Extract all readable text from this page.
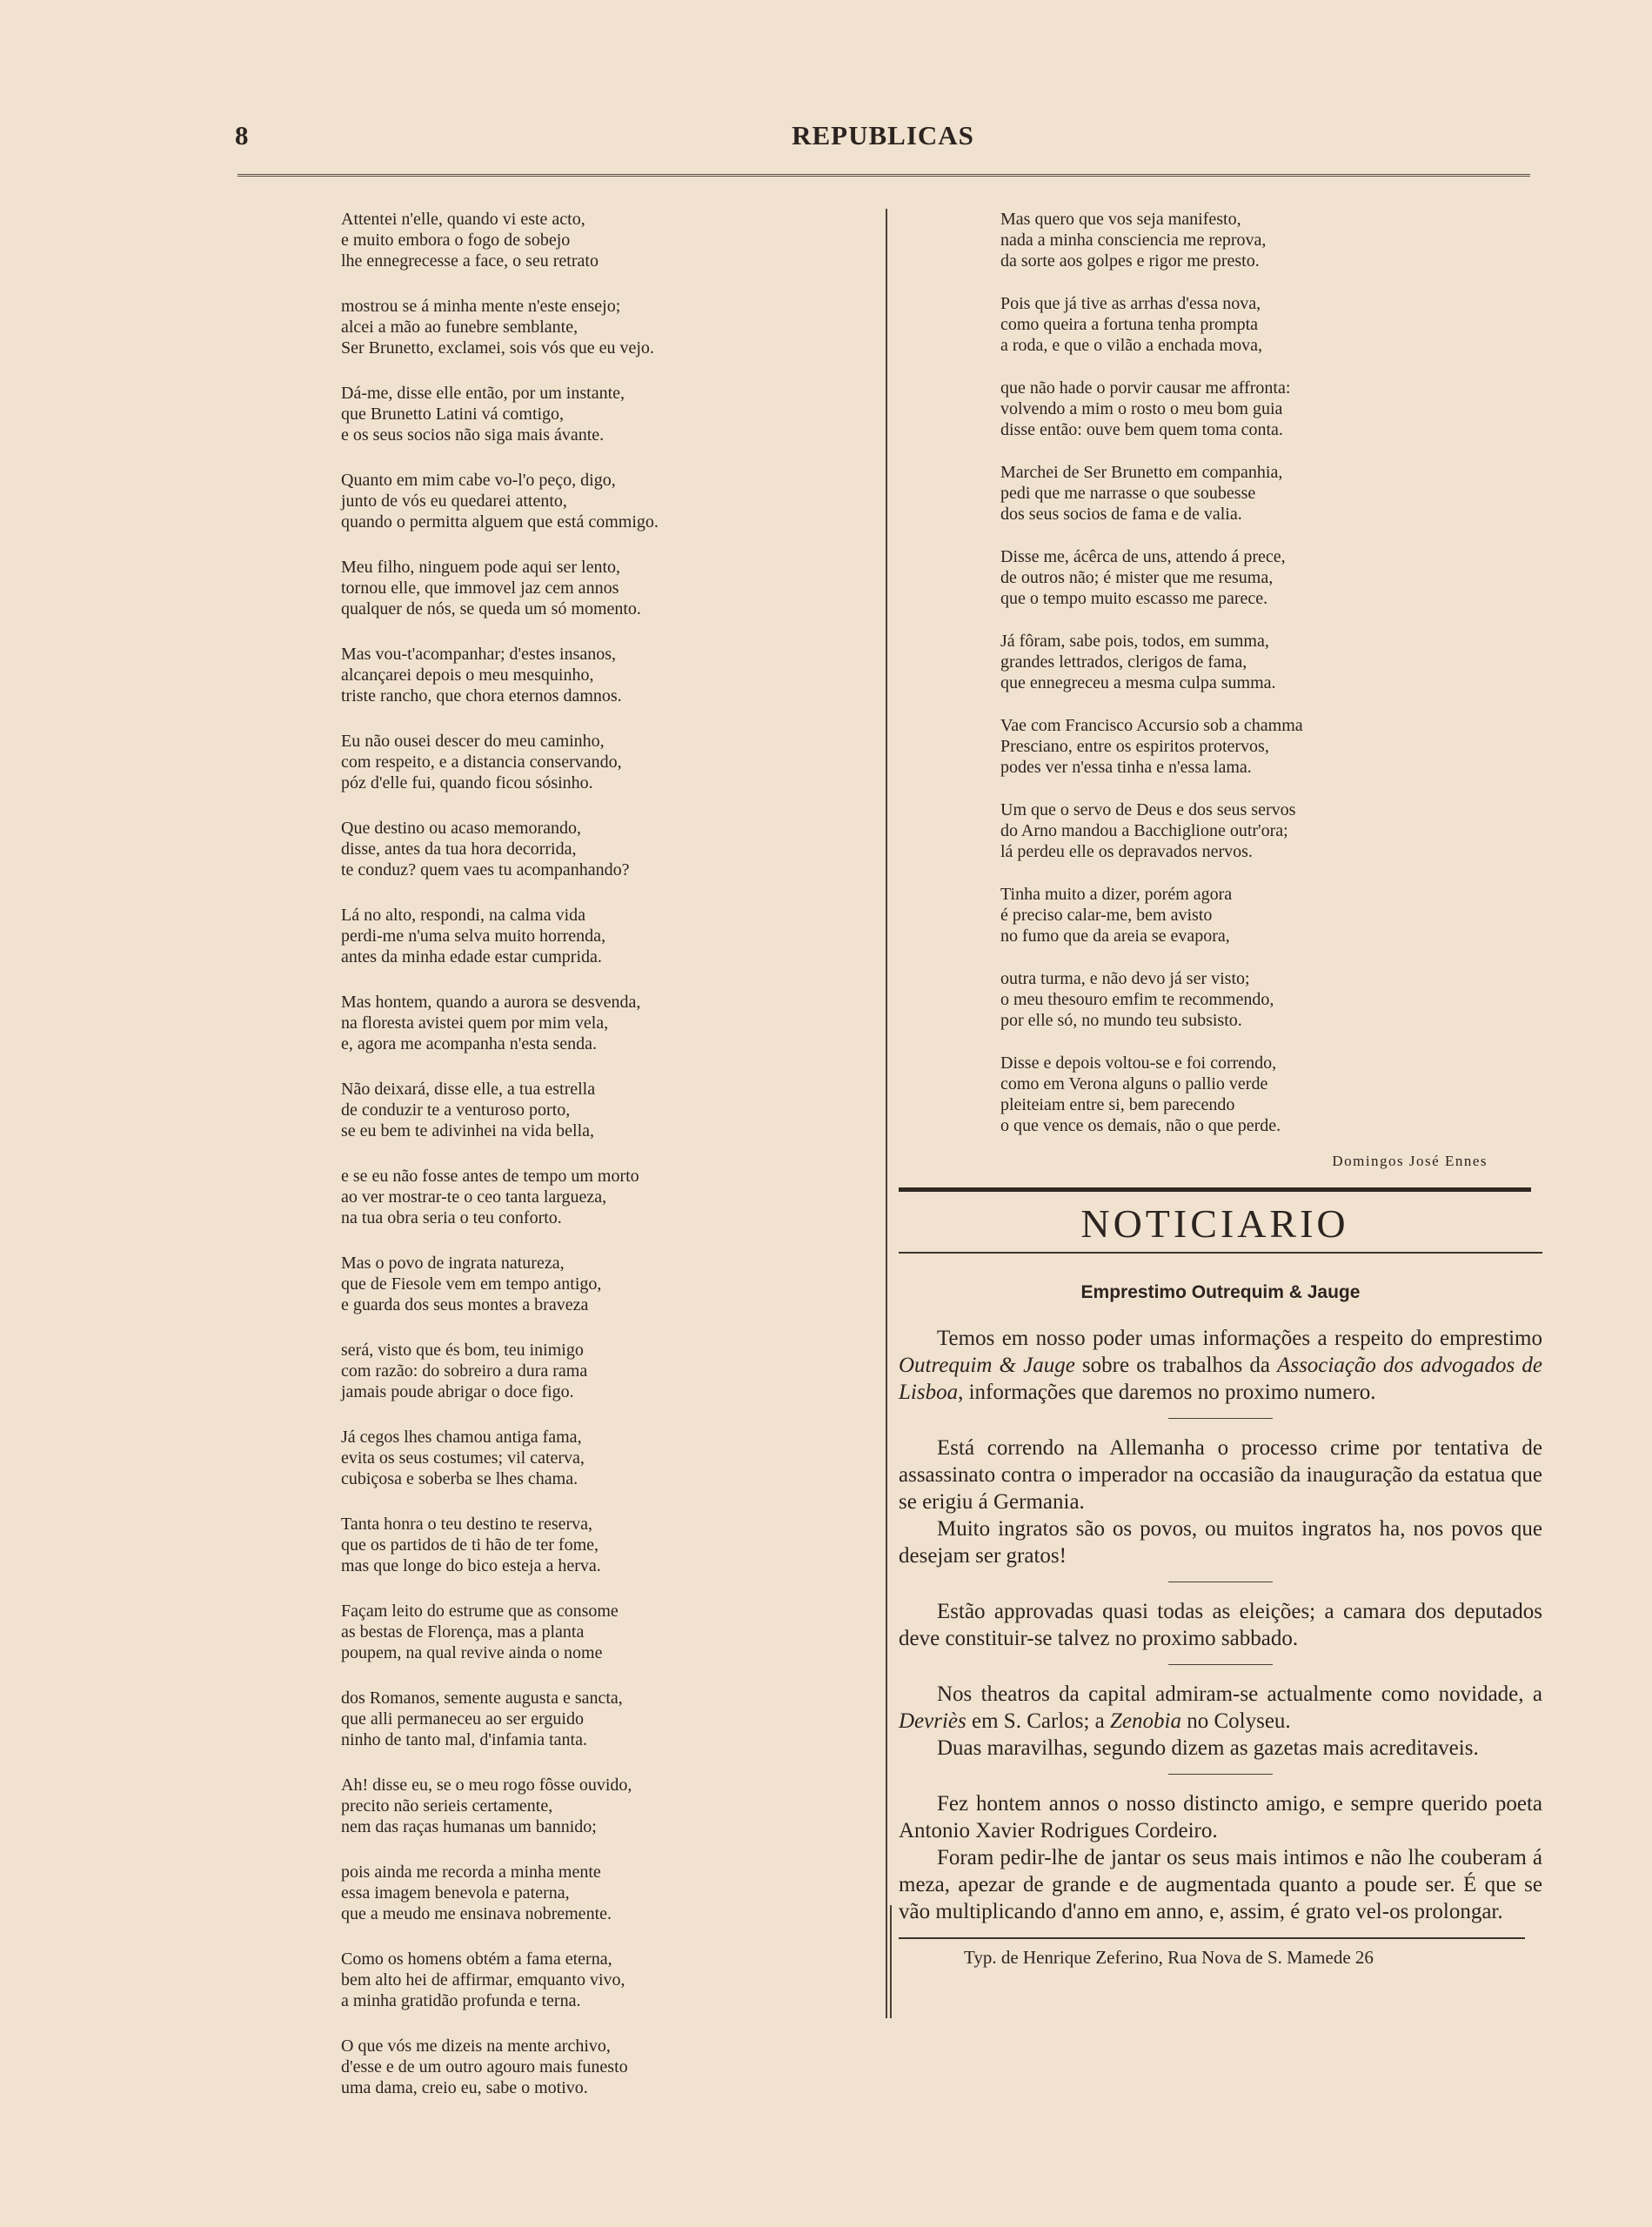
8	REPUBLICAS
Attentei n'elle, quando vi este acto,
e muito embora o fogo de sobejo
lhe ennegrecesse a face, o seu retrato
mostrou se á minha mente n'este ensejo;
alcei a mão ao funebre semblante,
Ser Brunetto, exclamei, sois vós que eu vejo.
Dá-me, disse elle então, por um instante,
que Brunetto Latini vá comtigo,
e os seus socios não siga mais ávante.
Quanto em mim cabe vo-l'o peço, digo,
junto de vós eu quedarei attento,
quando o permitta alguem que está commigo.
Meu filho, ninguem pode aqui ser lento,
tornou elle, que immovel jaz cem annos
qualquer de nós, se queda um só momento.
Mas vou-t'acompanhar; d'estes insanos,
alcançarei depois o meu mesquinho,
triste rancho, que chora eternos damnos.
Eu não ousei descer do meu caminho,
com respeito, e a distancia conservando,
póz d'elle fui, quando ficou sósinho.
Que destino ou acaso memorando,
disse, antes da tua hora decorrida,
te conduz? quem vaes tu acompanhando?
Lá no alto, respondi, na calma vida
perdi-me n'uma selva muito horrenda,
antes da minha edade estar cumprida.
Mas hontem, quando a aurora se desvenda,
na floresta avistei quem por mim vela,
e, agora me acompanha n'esta senda.
Não deixará, disse elle, a tua estrella
de conduzir te a venturoso porto,
se eu bem te adivinhei na vida bella,
e se eu não fosse antes de tempo um morto
ao ver mostrar-te o ceo tanta largueza,
na tua obra seria o teu conforto.
Mas o povo de ingrata natureza,
que de Fiesole vem em tempo antigo,
e guarda dos seus montes a braveza
será, visto que és bom, teu inimigo
com razão: do sobreiro a dura rama
jamais poude abrigar o doce figo.
Já cegos lhes chamou antiga fama,
evita os seus costumes; vil caterva,
cubiçosa e soberba se lhes chama.
Tanta honra o teu destino te reserva,
que os partidos de ti hão de ter fome,
mas que longe do bico esteja a herva.
Façam leito do estrume que as consome
as bestas de Florença, mas a planta
poupem, na qual revive ainda o nome
dos Romanos, semente augusta e sancta,
que alli permaneceu ao ser erguido
ninho de tanto mal, d'infamia tanta.
Ah! disse eu, se o meu rogo fôsse ouvido,
precito não serieis certamente,
nem das raças humanas um bannido;
pois ainda me recorda a minha mente
essa imagem benevola e paterna,
que a meudo me ensinava nobremente.
Como os homens obtém a fama eterna,
bem alto hei de affirmar, emquanto vivo,
a minha gratidão profunda e terna.
O que vós me dizeis na mente archivo,
d'esse e de um outro agouro mais funesto
uma dama, creio eu, sabe o motivo.
Mas quero que vos seja manifesto,
nada a minha consciencia me reprova,
da sorte aos golpes e rigor me presto.
Pois que já tive as arrhas d'essa nova,
como queira a fortuna tenha prompta
a roda, e que o vilão a enchada mova,
que não hade o porvir causar me affronta:
volvendo a mim o rosto o meu bom guia
disse então: ouve bem quem toma conta.
Marchei de Ser Brunetto em companhia,
pedi que me narrasse o que soubesse
dos seus socios de fama e de valia.
Disse me, ácêrca de uns, attendo á prece,
de outros não; é mister que me resuma,
que o tempo muito escasso me parece.
Já fôram, sabe pois, todos, em summa,
grandes lettrados, clerigos de fama,
que ennegreceu a mesma culpa summa.
Vae com Francisco Accursio sob a chamma
Presciano, entre os espiritos protervos,
podes ver n'essa tinha e n'essa lama.
Um que o servo de Deus e dos seus servos
do Arno mandou a Bacchiglione outr'ora;
lá perdeu elle os depravados nervos.
Tinha muito a dizer, porém agora
é preciso calar-me, bem avisto
no fumo que da areia se evapora,
outra turma, e não devo já ser visto;
o meu thesouro emfim te recommendo,
por elle só, no mundo teu subsisto.
Disse e depois voltou-se e foi correndo,
como em Verona alguns o pallio verde
pleiteiam entre si, bem parecendo
o que vence os demais, não o que perde.
Domingos José Ennes
NOTICIARIO
Emprestimo Outrequim & Jauge

Temos em nosso poder umas informações a respeito do emprestimo Outrequim & Jauge sobre os trabalhos da Associação dos advogados de Lisboa, informações que daremos no proximo numero.

Está correndo na Allemanha o processo crime por tentativa de assassinato contra o imperador na occasião da inauguração da estatua que se erigiu á Germania.

Muito ingratos são os povos, ou muitos ingratos ha, nos povos que desejam ser gratos!

Estão approvadas quasi todas as eleições; a camara dos deputados deve constituir-se talvez no proximo sabbado.

Nos theatros da capital admiram-se actualmente como novidade, a Devriès em S. Carlos; a Zenobia no Colyseu.

Duas maravilhas, segundo dizem as gazetas mais acreditaveis.

Fez hontem annos o nosso distincto amigo, e sempre querido poeta Antonio Xavier Rodrigues Cordeiro.

Foram pedir-lhe de jantar os seus mais intimos e não lhe couberam á meza, apezar de grande e de augmentada quanto a poude ser. É que se vão multiplicando d'anno em anno, e, assim, é grato vel-os prolongar.

Typ. de Henrique Zeferino, Rua Nova de S. Mamede 26
